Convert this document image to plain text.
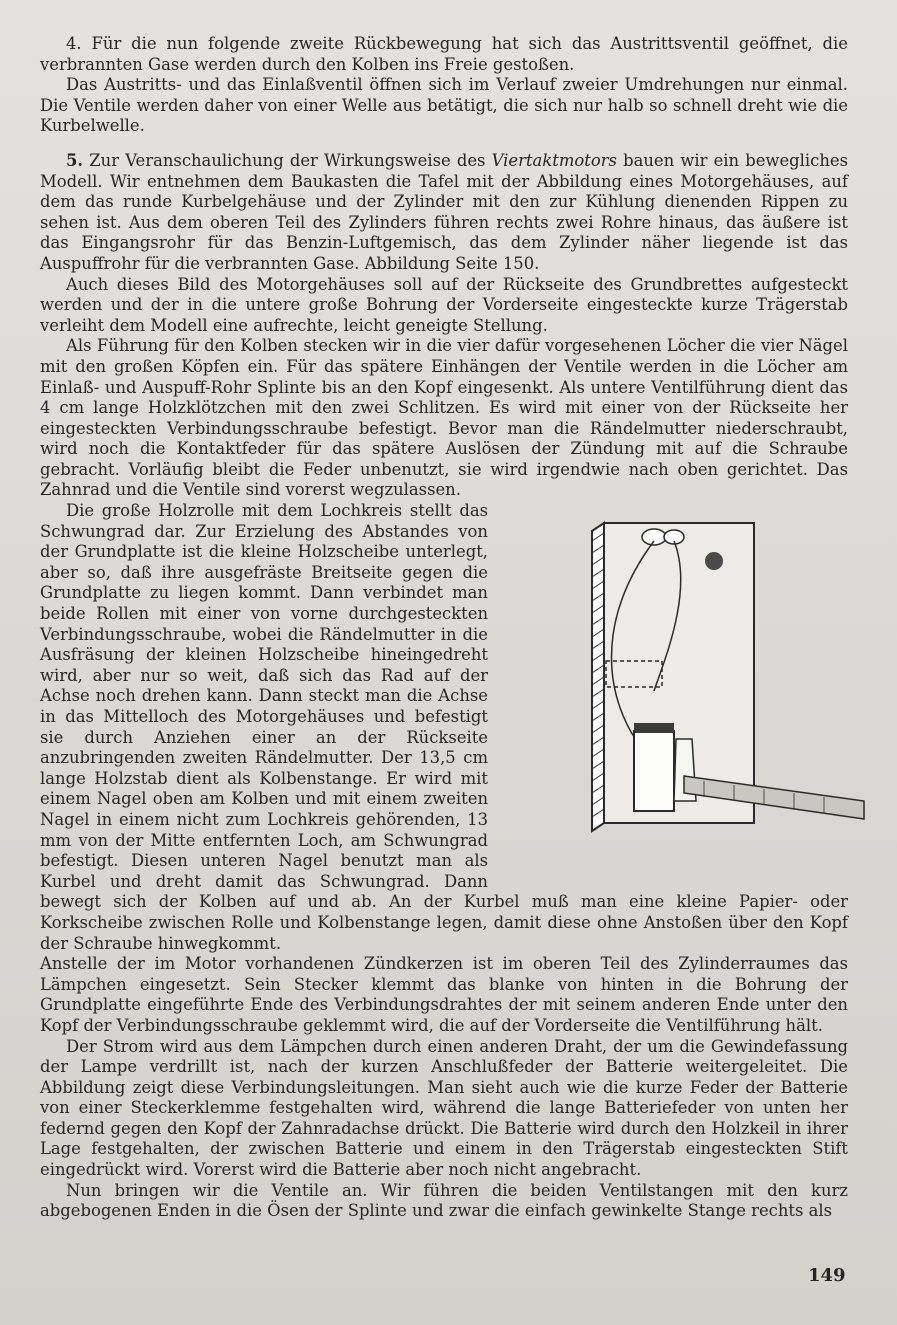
4. Für die nun folgende zweite Rückbewegung hat sich das Austrittsventil geöffnet, die verbrannten Gase werden durch den Kolben ins Freie gestoßen.

Das Austritts- und das Einlaßventil öffnen sich im Verlauf zweier Umdrehungen nur einmal. Die Ventile werden daher von einer Welle aus betätigt, die sich nur halb so schnell dreht wie die Kurbelwelle.

5. Zur Veranschaulichung der Wirkungsweise des Viertaktmotors bauen wir ein bewegliches Modell. Wir entnehmen dem Baukasten die Tafel mit der Abbildung eines Motorgehäuses, auf dem das runde Kurbelgehäuse und der Zylinder mit den zur Kühlung dienenden Rippen zu sehen ist. Aus dem oberen Teil des Zylinders führen rechts zwei Rohre hinaus, das äußere ist das Eingangsrohr für das Benzin-Luftgemisch, das dem Zylinder näher liegende ist das Auspuffrohr für die verbrannten Gase. Abbildung Seite 150.

Auch dieses Bild des Motorgehäuses soll auf der Rückseite des Grundbrettes aufgesteckt werden und der in die untere große Bohrung der Vorderseite eingesteckte kurze Trägerstab verleiht dem Modell eine aufrechte, leicht geneigte Stellung.

Als Führung für den Kolben stecken wir in die vier dafür vorgesehenen Löcher die vier Nägel mit den großen Köpfen ein. Für das spätere Einhängen der Ventile werden in die Löcher am Einlaß- und Auspuff-Rohr Splinte bis an den Kopf eingesenkt. Als untere Ventilführung dient das 4 cm lange Holzklötzchen mit den zwei Schlitzen. Es wird mit einer von der Rückseite her eingesteckten Verbindungsschraube befestigt. Bevor man die Rändelmutter niederschraubt, wird noch die Kontaktfeder für das spätere Auslösen der Zündung mit auf die Schraube gebracht. Vorläufig bleibt die Feder unbenutzt, sie wird irgendwie nach oben gerichtet. Das Zahnrad und die Ventile sind vorerst wegzulassen.

Die große Holzrolle mit dem Lochkreis stellt das Schwungrad dar. Zur Erzielung des Abstandes von der Grundplatte ist die kleine Holzscheibe unterlegt, aber so, daß ihre ausgefräste Breitseite gegen die Grundplatte zu liegen kommt. Dann verbindet man beide Rollen mit einer von vorne durchgesteckten Verbindungsschraube, wobei die Rändelmutter in die Ausfräsung der kleinen Holzscheibe hineingedreht wird, aber nur so weit, daß sich das Rad auf der Achse noch drehen kann. Dann steckt man die Achse in das Mittelloch des Motorgehäuses und befestigt sie durch Anziehen einer an der Rückseite anzubringenden zweiten Rändelmutter. Der 13,5 cm lange Holzstab dient als Kolbenstange. Er wird mit einem Nagel oben am Kolben und mit einem zweiten Nagel in einem nicht zum Lochkreis gehörenden, 13 mm von der Mitte entfernten Loch, am Schwungrad befestigt. Diesen unteren Nagel benutzt man als Kurbel und dreht damit das Schwungrad. Dann bewegt sich der Kolben auf und ab. An der Kurbel muß man eine kleine Papier- oder Korkscheibe zwischen Rolle und Kolbenstange legen, damit diese ohne Anstoßen über den Kopf der Schraube hinwegkommt.

Anstelle der im Motor vorhandenen Zündkerzen ist im oberen Teil des Zylinderraumes das Lämpchen eingesetzt. Sein Stecker klemmt das blanke von hinten in die Bohrung der Grundplatte eingeführte Ende des Verbindungsdrahtes der mit seinem anderen Ende unter den Kopf der Verbindungsschraube geklemmt wird, die auf der Vorderseite die Ventilführung hält.

Der Strom wird aus dem Lämpchen durch einen anderen Draht, der um die Gewindefassung der Lampe verdrillt ist, nach der kurzen Anschlußfeder der Batterie weitergeleitet. Die Abbildung zeigt diese Verbindungsleitungen. Man sieht auch wie die kurze Feder der Batterie von einer Steckerklemme festgehalten wird, während die lange Batteriefeder von unten her federnd gegen den Kopf der Zahnradachse drückt. Die Batterie wird durch den Holzkeil in ihrer Lage festgehalten, der zwischen Batterie und einem in den Trägerstab eingesteckten Stift eingedrückt wird. Vorerst wird die Batterie aber noch nicht angebracht.

Nun bringen wir die Ventile an. Wir führen die beiden Ventilstangen mit den kurz abgebogenen Enden in die Ösen der Splinte und zwar die einfach gewinkelte Stange rechts als

149
